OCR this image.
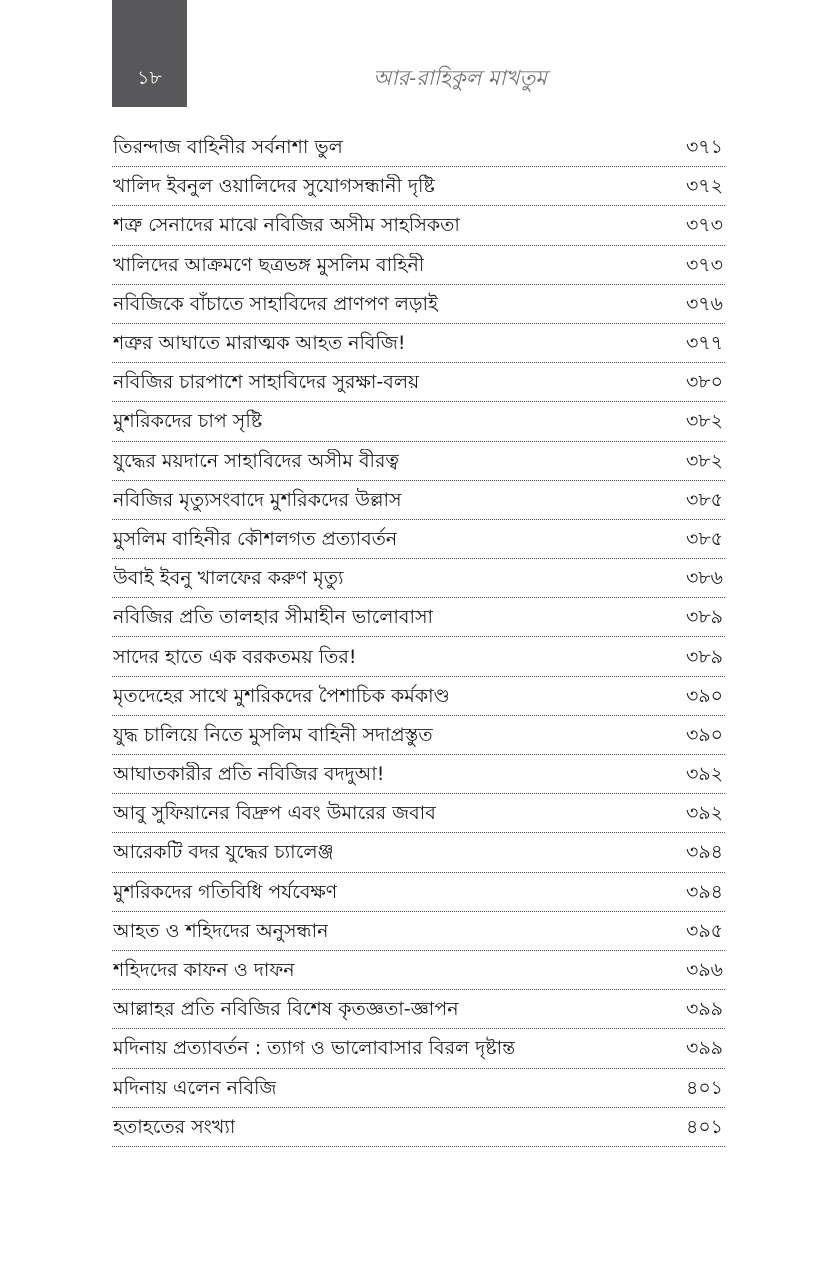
১৮	আর-রাহিকুল মাখতুম
তিরন্দাজ বাহিনীর সর্বনাশা ভুল	৩৭১
খালিদ ইবনুল ওয়ালিদের সুযোগসন্ধানী দৃষ্টি	৩৭২
শত্রু সেনাদের মাঝে নবিজির অসীম সাহসিকতা	৩৭৩
খালিদের আক্রমণে ছত্রভঙ্গ মুসলিম বাহিনী	৩৭৩
নবিজিকে বাঁচাতে সাহাবিদের প্রাণপণ লড়াই	৩৭৬
শত্রুর আঘাতে মারাত্মক আহত নবিজি!	৩৭৭
নবিজির চারপাশে সাহাবিদের সুরক্ষা-বলয়	৩৮০
মুশরিকদের চাপ সৃষ্টি	৩৮২
যুদ্ধের ময়দানে সাহাবিদের অসীম বীরত্ব	৩৮২
নবিজির মৃত্যুসংবাদে মুশরিকদের উল্লাস	৩৮৫
মুসলিম বাহিনীর কৌশলগত প্রত্যাবর্তন	৩৮৫
উবাই ইবনু খালফের করুণ মৃত্যু	৩৮৬
নবিজির প্রতি তালহার সীমাহীন ভালোবাসা	৩৮৯
সাদের হাতে এক বরকতময় তির!	৩৮৯
মৃতদেহের সাথে মুশরিকদের পৈশাচিক কর্মকাণ্ড	৩৯০
যুদ্ধ চালিয়ে নিতে মুসলিম বাহিনী সদাপ্রস্তুত	৩৯০
আঘাতকারীর প্রতি নবিজির বদদুআ!	৩৯২
আবু সুফিয়ানের বিদ্রুপ এবং উমারের জবাব	৩৯২
আরেকটি বদর যুদ্ধের চ্যালেঞ্জ	৩৯৪
মুশরিকদের গতিবিধি পর্যবেক্ষণ	৩৯৪
আহত ও শহিদদের অনুসন্ধান	৩৯৫
শহিদদের কাফন ও দাফন	৩৯৬
আল্লাহর প্রতি নবিজির বিশেষ কৃতজ্ঞতা-জ্ঞাপন	৩৯৯
মদিনায় প্রত্যাবর্তন : ত্যাগ ও ভালোবাসার বিরল দৃষ্টান্ত	৩৯৯
মদিনায় এলেন নবিজি	৪০১
হতাহতের সংখ্যা	৪০১
